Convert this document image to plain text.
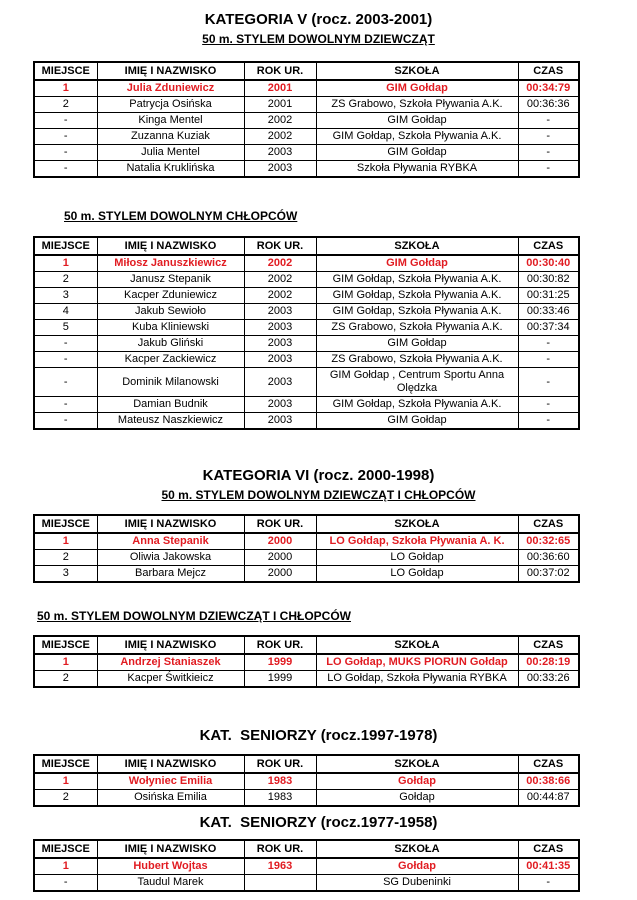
KATEGORIA V (rocz. 2003-2001)
50 m. STYLEM DOWOLNYM DZIEWCZĄT
MIEJSCE	IMIĘ I NAZWISKO	ROK UR.	SZKOŁA	CZAS
1	Julia Zduniewicz	2001	GIM Gołdap	00:34:79
2	Patrycja Osińska	2001	ZS Grabowo, Szkoła Pływania A.K.	00:36:36
-	Kinga Mentel	2002	GIM Gołdap	-
-	Zuzanna Kuziak	2002	GIM Gołdap, Szkoła Pływania A.K.	-
-	Julia Mentel	2003	GIM Gołdap	-
-	Natalia Kruklińska	2003	Szkoła Pływania RYBKA	-
50 m. STYLEM DOWOLNYM CHŁOPCÓW
MIEJSCE	IMIĘ I NAZWISKO	ROK UR.	SZKOŁA	CZAS
1	Miłosz Januszkiewicz	2002	GIM Gołdap	00:30:40
2	Janusz Stepanik	2002	GIM Gołdap, Szkoła Pływania A.K.	00:30:82
3	Kacper Zduniewicz	2002	GIM Gołdap, Szkoła Pływania A.K.	00:31:25
4	Jakub Sewioło	2003	GIM Gołdap, Szkoła Pływania A.K.	00:33:46
5	Kuba Kliniewski	2003	ZS Grabowo, Szkoła Pływania A.K.	00:37:34
-	Jakub Gliński	2003	GIM Gołdap	-
-	Kacper Zackiewicz	2003	ZS Grabowo, Szkoła Pływania A.K.	-
-	Dominik Milanowski	2003	GIM Gołdap , Centrum Sportu Anna Olędzka	-
-	Damian Budnik	2003	GIM Gołdap, Szkoła Pływania A.K.	-
-	Mateusz Naszkiewicz	2003	GIM Gołdap	-
KATEGORIA VI (rocz. 2000-1998)
50 m. STYLEM DOWOLNYM DZIEWCZĄT I CHŁOPCÓW
MIEJSCE	IMIĘ I NAZWISKO	ROK UR.	SZKOŁA	CZAS
1	Anna Stepanik	2000	LO Gołdap, Szkoła Pływania A. K.	00:32:65
2	Oliwia Jakowska	2000	LO Gołdap	00:36:60
3	Barbara Mejcz	2000	LO Gołdap	00:37:02
50 m. STYLEM DOWOLNYM DZIEWCZĄT I CHŁOPCÓW
MIEJSCE	IMIĘ I NAZWISKO	ROK UR.	SZKOŁA	CZAS
1	Andrzej Staniaszek	1999	LO Gołdap, MUKS PIORUN Gołdap	00:28:19
2	Kacper Świtkieicz	1999	LO Gołdap, Szkoła Pływania RYBKA	00:33:26
KAT.  SENIORZY (rocz.1997-1978)
MIEJSCE	IMIĘ I NAZWISKO	ROK UR.	SZKOŁA	CZAS
1	Wołyniec Emilia	1983	Gołdap	00:38:66
2	Osińska Emilia	1983	Gołdap	00:44:87
KAT.  SENIORZY (rocz.1977-1958)
MIEJSCE	IMIĘ I NAZWISKO	ROK UR.	SZKOŁA	CZAS
1	Hubert Wojtas	1963	Gołdap	00:41:35
-	Taudul Marek		SG Dubeninki	-
